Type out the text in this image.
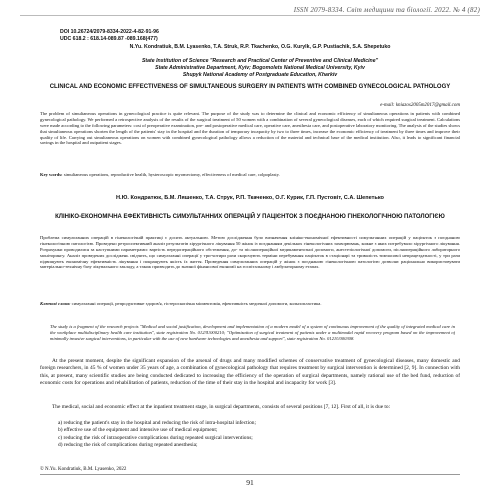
ISSN 2079-8334. Світ медицини та біології. 2022. № 4 (82)
DOI 10.26724/2079-8334-2022-4-82-91-96
UDC 618.2 : 618.14-089.87 -089.168(477)
N.Yu. Kondratiuk, B.M. Lyasenko, T.A. Struk, R.P. Tkachenko, O.G. Kurylk, G.P. Pustiachik, S.A. Shepetuko
State Institution of Science "Research and Practical Center of Preventive and Clinical Medicine"
State Administrative Department, Kyiv; Bogomolets National Medical University, Kyiv
Shupyk National Academy of Postgraduate Education, Kharkiv
CLINICAL AND ECONOMIC EFFECTIVENESS OF SIMULTANEOUS SURGERY IN PATIENTS WITH COMBINED GYNECOLOGICAL PATHOLOGY
e-mail: kniazos2005m2017@gmail.com
The problem of simultaneous operations in gynecological practice is quite relevant. The purpose of the study was to determine the clinical and economic efficiency of simultaneous operations in patients with combined gynecological pathology. We performed a retrospective analysis of the results of the surgical treatment of 50 women with a combination of several gynecological diseases, each of which required surgical treatment. Calculations were made according to the following parameters: cost of preoperative examination, pre- and postoperative medical care, operative care, anesthesia care, and postoperative laboratory monitoring. The analysis of the studies shows that simultaneous operations shorten the length of the patients' stay in the hospital and the duration of temporary incapacity by two to three times, increase the economic efficiency of treatment by three times and improve their quality of life. Carrying out simultaneous operations on women with combined gynecological pathology allows a reduction of the material and technical base of the medical institution. Also, it leads to significant financial savings in the hospital and outpatient stages.
Key words: simultaneous operations, reproductive health, hysteroscopic myomectomy, effectiveness of medical care, colpoplasty.
Н.Ю. Кондратюк, Б.М. Ляшенко, Т.А. Струк, Р.П. Ткаченко, О.Г. Курик, Г.П. Пустовіт, С.А. Шепетько
КЛІНІКО-ЕКОНОМІЧНА ЕФЕКТИВНІСТЬ СИМУЛЬТАННИХ ОПЕРАЦІЙ У ПАЦІЄНТОК З ПОЄДНАНОЮ ГІНЕКОЛОГІЧНОЮ ПАТОЛОГІЄЮ
Проблема симультанних операцій в гінекологічній практиці є досить актуальною. Метою дослідження було визначення клініко-економічної ефективності симультанних операцій у пацієнток з поєднаною гінекологічною патологією. Проведено ретроспективний аналіз результатів хірургічного лікування 50 жінок із поєднанням декількох гінекологічних захворювань, кожне з яких потребувало хірургічного лікування. Розрахунки проводилися за наступними параметрами: вартість передопераційного обстеження, до- та післяопераційної медикаментозної допомоги, анестезіологічної допомоги, післяопераційного лабораторного моніторингу. Аналіз проведених досліджень свідчить, що симультанні операції у три-чотири рази скорочують терміни перебування пацієнток в стаціонарі та тривалість тимчасової непрацездатності, у три рази підвищують економічну ефективність лікування і покращують якість їх життя. Проведення симультанних операцій у жінок з поєднаною гінекологічною патологією дозволяє раціонально використовувати матеріально-технічну базу лікувального закладу, а також призводить до значної фінансової економії на госпітальному і амбулаторному етапах.
Ключові слова: симультанні операції, репродуктивне здоров'я, гістероскопічна міомектомія, ефективність медичної допомоги, кольпопластика.
The study is a fragment of the research projects "Medical and social justification, development and implementation of a modern model of a system of continuous improvement of the quality of integrated medical care in the workplace multidisciplinary health care institution", state registration No. 0123U000210; "Optimization of surgical treatment of patients under a multimodal rapid recovery program based on the improvement of minimally invasive surgical interventions, in particular with the use of new hardware technologies and anesthesia and support", state registration No. 0121U000308.
At the present moment, despite the significant expansion of the arsenal of drugs and many modified schemes of conservative treatment of gynecological diseases, many domestic and foreign researchers, in 45 % of women under 35 years of age, a combination of gynecological pathology that requires treatment by surgical intervention is determined [2, 9]. In connection with this, at present, many scientific studies are being conducted dedicated to increasing the efficiency of the operation of surgical departments, namely rational use of the bed fund, reduction of economic costs for operations and rehabilitation of patients, reduction of the time of their stay in the hospital and incapacity for work [3].
The medical, social and economic effect at the inpatient treatment stage, in surgical departments, consists of several positions [7, 12]. First of all, it is due to:
a) reducing the patient's stay in the hospital and reducing the risk of intra-hospital infection;
b) effective use of the equipment and intensive use of medical equipment;
c) reducing the risk of intraoperative complications during repeated surgical interventions;
d) reducing the risk of complications during repeated anesthesia;
© N.Yu. Kondratiuk, B.M. Lyasenko, 2022
91
